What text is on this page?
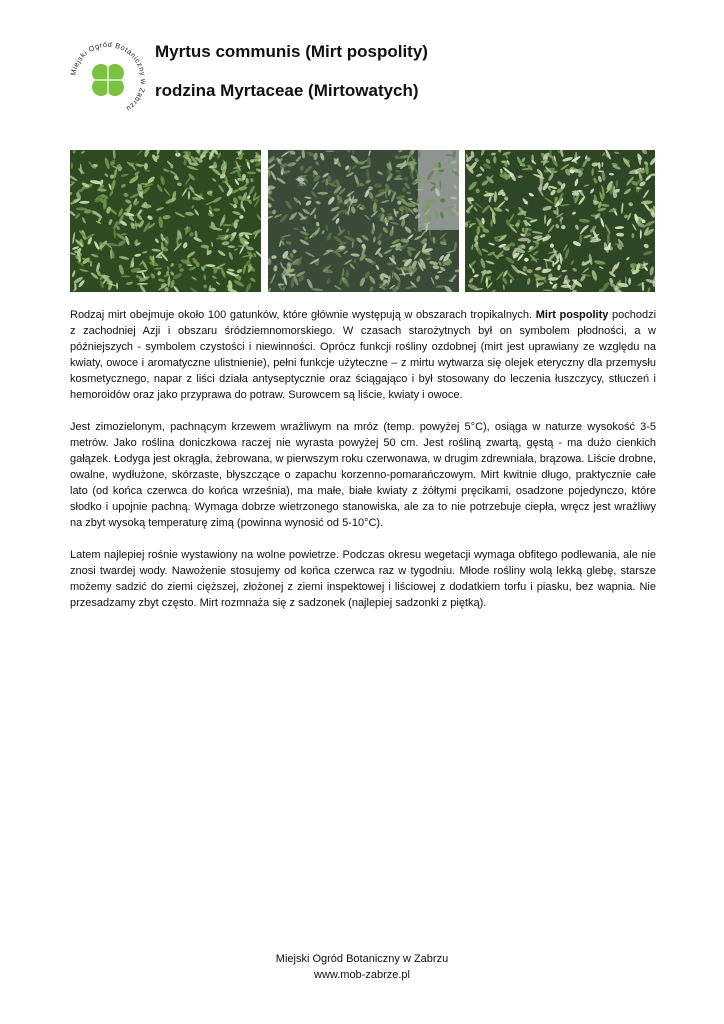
Miejski Ogród Botaniczny w Zabrzu
Myrtus communis (Mirt pospolity)
rodzina Myrtaceae (Mirtowatych)

Rodzaj mirt obejmuje około 100 gatunków, które głównie występują w obszarach tropikalnych. Mirt pospolity pochodzi z zachodniej Azji i obszaru śródziemnomorskiego. W czasach starożytnych był on symbolem płodności, a w późniejszych - symbolem czystości i niewinności. Oprócz funkcji rośliny ozdobnej (mirt jest uprawiany ze względu na kwiaty, owoce i aromatyczne ulistnienie), pełni funkcje użyteczne – z mirtu wytwarza się olejek eteryczny dla przemysłu kosmetycznego, napar z liści działa antyseptycznie oraz ściągająco i był stosowany do leczenia łuszczycy, stłuczeń i hemoroidów oraz jako przyprawa do potraw. Surowcem są liście, kwiaty i owoce.

Jest zimozielonym, pachnącym krzewem wrażliwym na mróz (temp. powyżej 5°C), osiąga w naturze wysokość 3-5 metrów. Jako roślina doniczkowa raczej nie wyrasta powyżej 50 cm. Jest rośliną zwartą, gęstą - ma dużo cienkich gałązek. Łodyga jest okrągła, żebrowana, w pierwszym roku czerwonawa, w drugim zdrewniała, brązowa. Liście drobne, owalne, wydłużone, skórzaste, błyszczące o zapachu korzenno-pomarańczowym. Mirt kwitnie długo, praktycznie całe lato (od końca czerwca do końca września), ma małe, białe kwiaty z żółtymi pręcikami, osadzone pojedynczo, które słodko i upojnie pachną. Wymaga dobrze wietrzonego stanowiska, ale za to nie potrzebuje ciepła, wręcz jest wrażliwy na zbyt wysoką temperaturę zimą (powinna wynosić od 5-10°C).

Latem najlepiej rośnie wystawiony na wolne powietrze. Podczas okresu wegetacji wymaga obfitego podlewania, ale nie znosi twardej wody. Nawożenie stosujemy od końca czerwca raz w tygodniu. Młode rośliny wolą lekką glebę, starsze możemy sadzić do ziemi cięższej, złożonej z ziemi inspektowej i liściowej z dodatkiem torfu i piasku, bez wapnia. Nie przesadzamy zbyt często. Mirt rozmnaża się z sadzonek (najlepiej sadzonki z piętką).

Miejski Ogród Botaniczny w Zabrzu
www.mob-zabrze.pl
